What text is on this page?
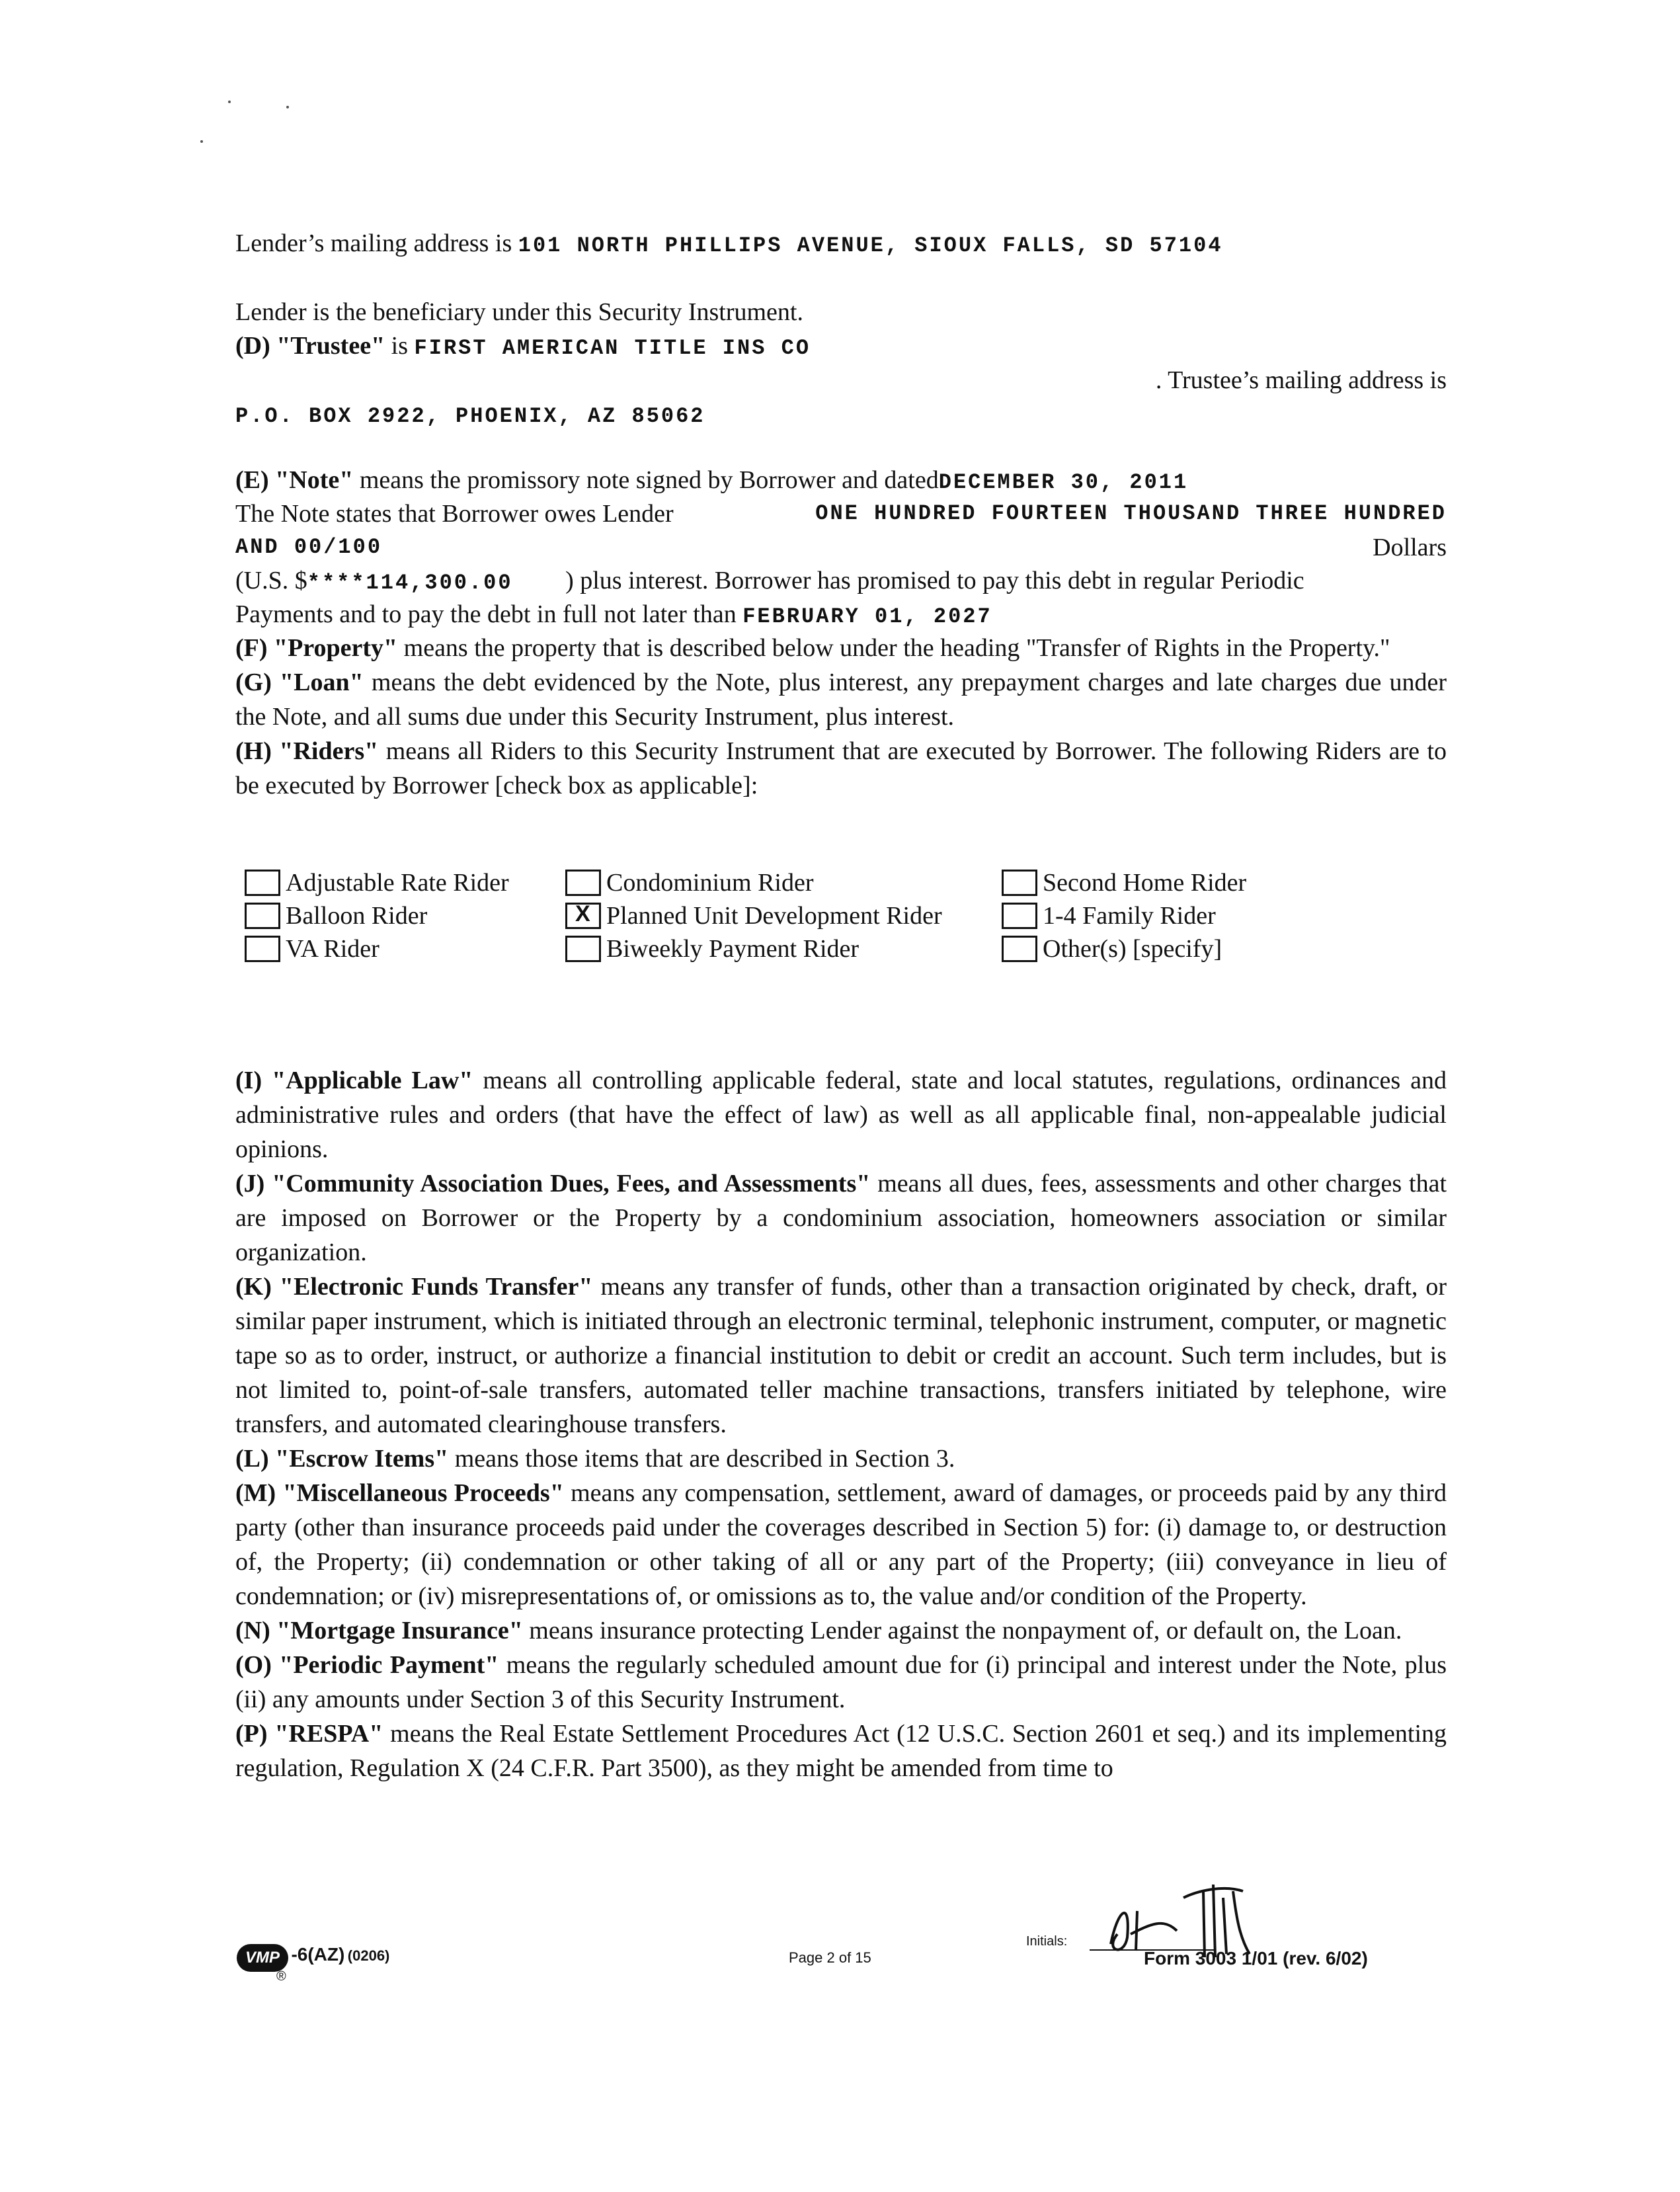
Lender’s mailing address is 101 NORTH PHILLIPS AVENUE, SIOUX FALLS, SD 57104
Lender is the beneficiary under this Security Instrument.
(D) "Trustee" is FIRST AMERICAN TITLE INS CO
. Trustee’s mailing address is
P.O. BOX 2922, PHOENIX, AZ 85062
(E) "Note" means the promissory note signed by Borrower and datedDECEMBER 30, 2011
The Note states that Borrower owes Lender	ONE HUNDRED FOURTEEN THOUSAND THREE HUNDRED
AND 00/100	Dollars
(U.S. $****114,300.00 ) plus interest. Borrower has promised to pay this debt in regular Periodic
Payments and to pay the debt in full not later than FEBRUARY 01, 2027

(F) "Property" means the property that is described below under the heading "Transfer of Rights in the Property."

(G) "Loan" means the debt evidenced by the Note, plus interest, any prepayment charges and late charges due under the Note, and all sums due under this Security Instrument, plus interest.

(H) "Riders" means all Riders to this Security Instrument that are executed by Borrower. The following Riders are to be executed by Borrower [check box as applicable]:

Adjustable Rate Rider	Condominium Rider	Second Home Rider
Balloon Rider	X Planned Unit Development Rider	1-4 Family Rider
VA Rider	Biweekly Payment Rider	Other(s) [specify]

(I) "Applicable Law" means all controlling applicable federal, state and local statutes, regulations, ordinances and administrative rules and orders (that have the effect of law) as well as all applicable final, non-appealable judicial opinions.

(J) "Community Association Dues, Fees, and Assessments" means all dues, fees, assessments and other charges that are imposed on Borrower or the Property by a condominium association, homeowners association or similar organization.

(K) "Electronic Funds Transfer" means any transfer of funds, other than a transaction originated by check, draft, or similar paper instrument, which is initiated through an electronic terminal, telephonic instrument, computer, or magnetic tape so as to order, instruct, or authorize a financial institution to debit or credit an account. Such term includes, but is not limited to, point-of-sale transfers, automated teller machine transactions, transfers initiated by telephone, wire transfers, and automated clearinghouse transfers.

(L) "Escrow Items" means those items that are described in Section 3.

(M) "Miscellaneous Proceeds" means any compensation, settlement, award of damages, or proceeds paid by any third party (other than insurance proceeds paid under the coverages described in Section 5) for: (i) damage to, or destruction of, the Property; (ii) condemnation or other taking of all or any part of the Property; (iii) conveyance in lieu of condemnation; or (iv) misrepresentations of, or omissions as to, the value and/or condition of the Property.

(N) "Mortgage Insurance" means insurance protecting Lender against the nonpayment of, or default on, the Loan.

(O) "Periodic Payment" means the regularly scheduled amount due for (i) principal and interest under the Note, plus (ii) any amounts under Section 3 of this Security Instrument.

(P) "RESPA" means the Real Estate Settlement Procedures Act (12 U.S.C. Section 2601 et seq.) and its implementing regulation, Regulation X (24 C.F.R. Part 3500), as they might be amended from time to

VMP -6(AZ) (0206)
®
Page 2 of 15
Initials:
Form 3003 1/01 (rev. 6/02)
